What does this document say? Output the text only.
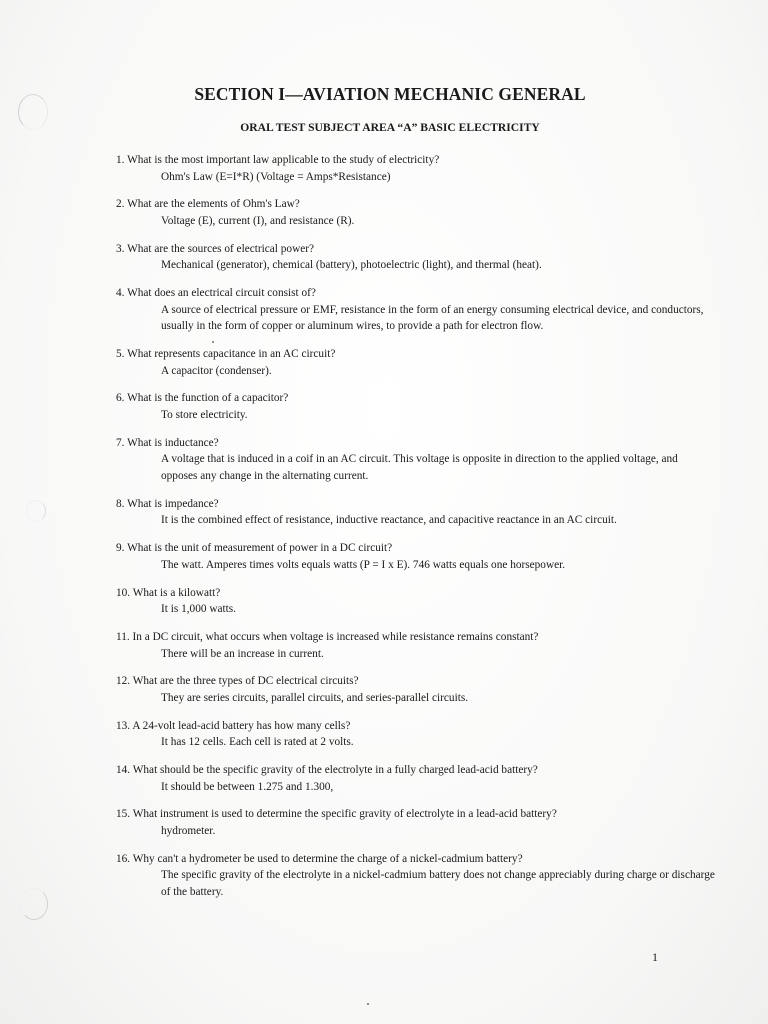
SECTION I—AVIATION MECHANIC GENERAL
ORAL TEST SUBJECT AREA “A” BASIC ELECTRICITY
1. What is the most important law applicable to the study of electricity?
Ohm's Law (E=I*R) (Voltage = Amps*Resistance)
2. What are the elements of Ohm's Law?
Voltage (E), current (I), and resistance (R).
3. What are the sources of electrical power?
Mechanical (generator), chemical (battery), photoelectric (light), and thermal (heat).
4. What does an electrical circuit consist of?
A source of electrical pressure or EMF, resistance in the form of an energy consuming electrical device, and conductors, usually in the form of copper or aluminum wires, to provide a path for electron flow.
5. What represents capacitance in an AC circuit?
A capacitor (condenser).
6. What is the function of a capacitor?
To store electricity.
7. What is inductance?
A voltage that is induced in a coif in an AC circuit. This voltage is opposite in direction to the applied voltage, and opposes any change in the alternating current.
8. What is impedance?
It is the combined effect of resistance, inductive reactance, and capacitive reactance in an AC circuit.
9. What is the unit of measurement of power in a DC circuit?
The watt. Amperes times volts equals watts (P = I x E). 746 watts equals one horsepower.
10. What is a kilowatt?
It is 1,000 watts.
11. In a DC circuit, what occurs when voltage is increased while resistance remains constant?
There will be an increase in current.
12. What are the three types of DC electrical circuits?
They are series circuits, parallel circuits, and series-parallel circuits.
13. A 24-volt lead-acid battery has how many cells?
It has 12 cells. Each cell is rated at 2 volts.
14. What should be the specific gravity of the electrolyte in a fully charged lead-acid battery?
It should be between 1.275 and 1.300,
15. What instrument is used to determine the specific gravity of electrolyte in a lead-acid battery?
hydrometer.
16. Why can't a hydrometer be used to determine the charge of a nickel-cadmium battery?
The specific gravity of the electrolyte in a nickel-cadmium battery does not change appreciably during charge or discharge of the battery.
1
